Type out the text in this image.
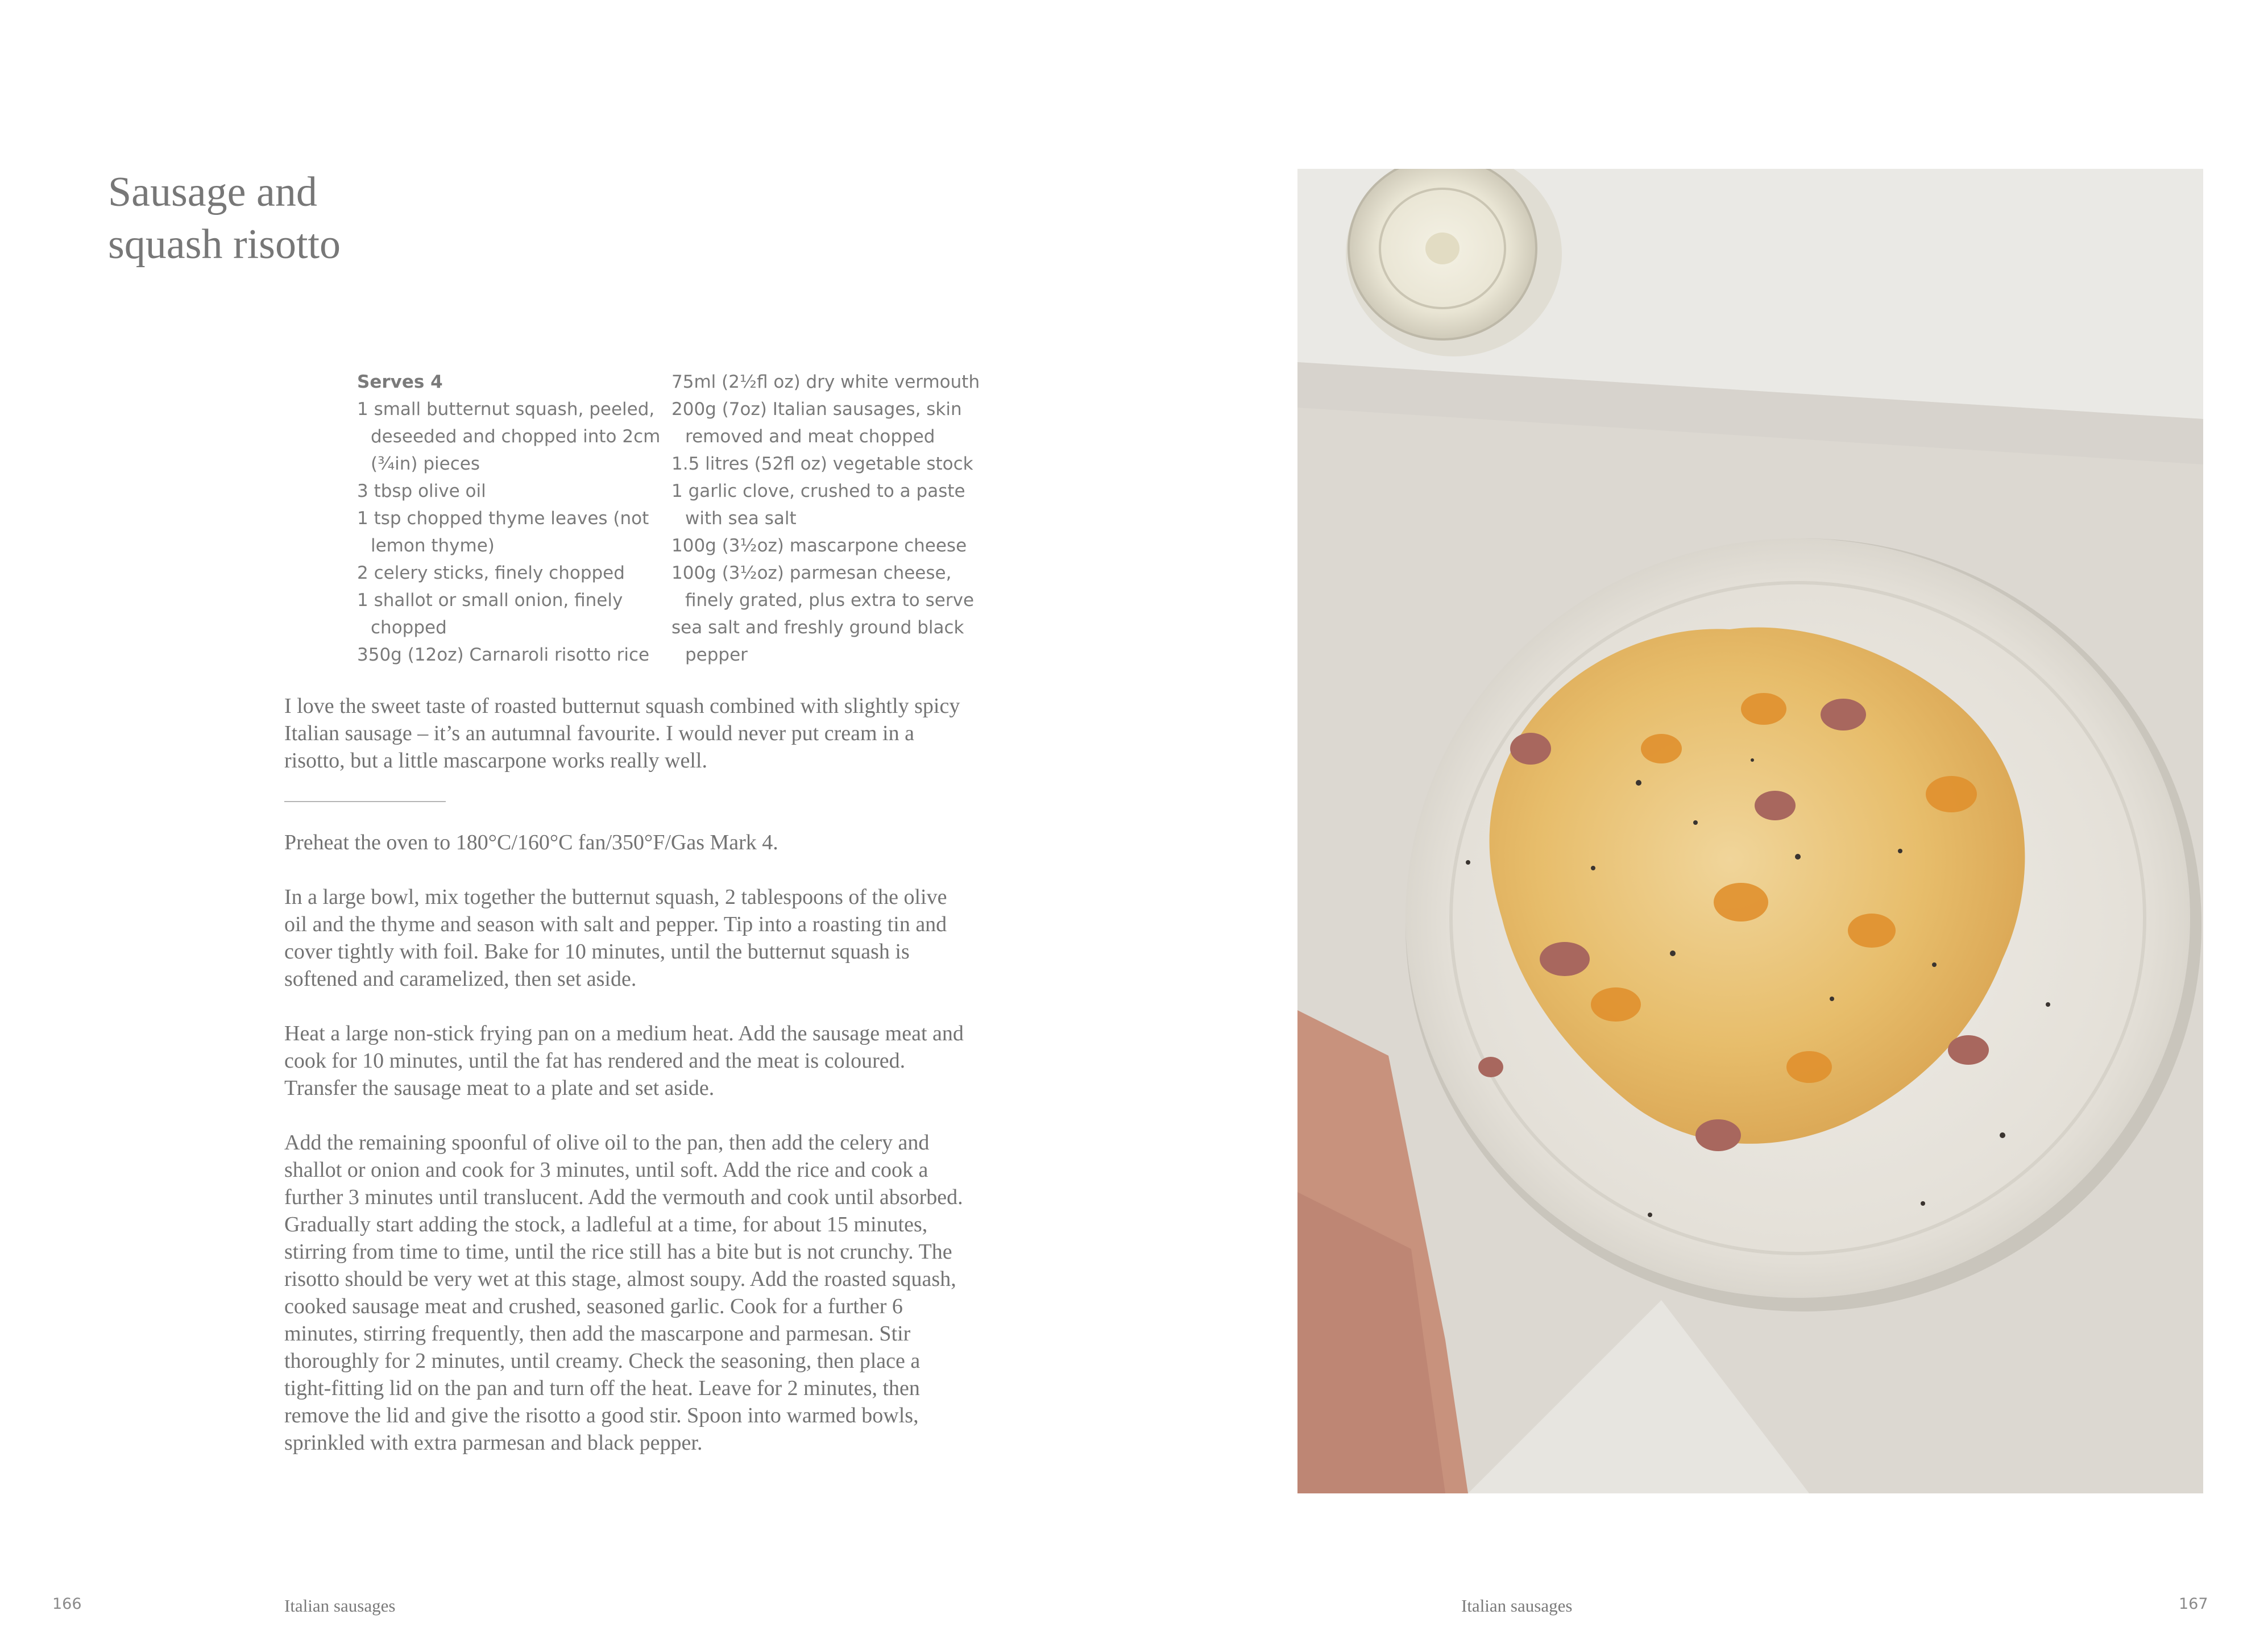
Sausage and
squash risotto

Serves 4

1 small butternut squash, peeled, deseeded and chopped into 2cm (¾in) pieces

3 tbsp olive oil

1 tsp chopped thyme leaves (not lemon thyme)

2 celery sticks, finely chopped

1 shallot or small onion, finely chopped

350g (12oz) Carnaroli risotto rice

75ml (2½fl oz) dry white vermouth

200g (7oz) Italian sausages, skin removed and meat chopped

1.5 litres (52fl oz) vegetable stock

1 garlic clove, crushed to a paste with sea salt

100g (3½oz) mascarpone cheese

100g (3½oz) parmesan cheese, finely grated, plus extra to serve

sea salt and freshly ground black pepper

I love the sweet taste of roasted butternut squash combined with slightly spicy Italian sausage – it’s an autumnal favourite. I would never put cream in a risotto, but a little mascarpone works really well.

Preheat the oven to 180°C/160°C fan/350°F/Gas Mark 4.

In a large bowl, mix together the butternut squash, 2 tablespoons of the olive oil and the thyme and season with salt and pepper. Tip into a roasting tin and cover tightly with foil. Bake for 10 minutes, until the butternut squash is softened and caramelized, then set aside.

Heat a large non-stick frying pan on a medium heat. Add the sausage meat and cook for 10 minutes, until the fat has rendered and the meat is coloured. Transfer the sausage meat to a plate and set aside.

Add the remaining spoonful of olive oil to the pan, then add the celery and shallot or onion and cook for 3 minutes, until soft. Add the rice and cook a further 3 minutes until translucent. Add the vermouth and cook until absorbed. Gradually start adding the stock, a ladleful at a time, for about 15 minutes, stirring from time to time, until the rice still has a bite but is not crunchy. The risotto should be very wet at this stage, almost soupy. Add the roasted squash, cooked sausage meat and crushed, seasoned garlic. Cook for a further 6 minutes, stirring frequently, then add the mascarpone and parmesan. Stir thoroughly for 2 minutes, until creamy. Check the seasoning, then place a tight-fitting lid on the pan and turn off the heat. Leave for 2 minutes, then remove the lid and give the risotto a good stir. Spoon into warmed bowls, sprinkled with extra parmesan and black pepper.

166	Italian sausages	Italian sausages	167
